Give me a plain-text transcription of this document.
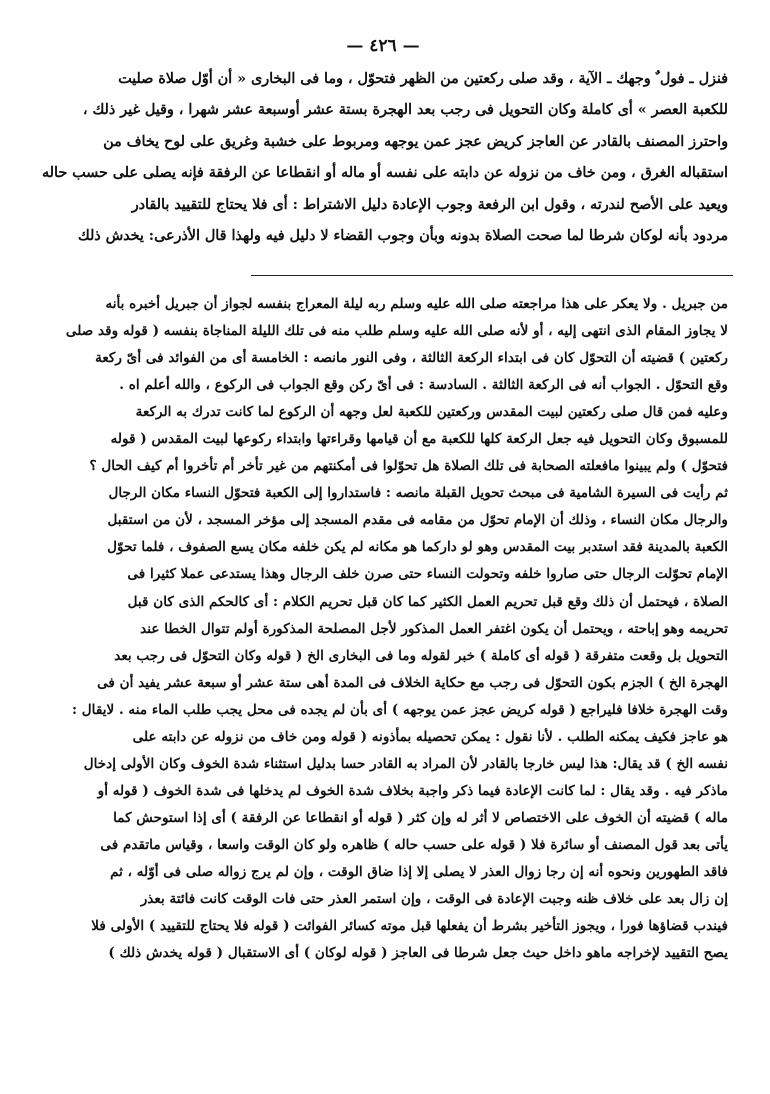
— ٤٢٦ —

فنزل ـ فول ٌ وجهك ـ الآية ، وقد صلى ركعتين من الظهر فتحوّل ، وما فى البخارى « أن أوّل صلاة صليت

للكعبة العصر » أى كاملة وكان التحويل فى رجب بعد الهجرة بستة عشر أوسبعة عشر شهرا ، وقيل غير ذلك ،

واحترز المصنف بالقادر عن العاجز كريض عجز عمن يوجهه ومربوط على خشبة وغريق على لوح يخاف من

استقباله الغرق ، ومن خاف من نزوله عن دابته على نفسه أو ماله أو انقطاعا عن الرفقة فإنه يصلى على حسب حاله

ويعيد على الأصح لندرته ، وقول ابن الرفعة وجوب الإعادة دليل الاشتراط : أى فلا يحتاج للتقييد بالقادر

مردود بأنه لوكان شرطا لما صحت الصلاة بدونه وبأن وجوب القضاء لا دليل فيه ولهذا قال الأذرعى: يخدش ذلك

من جبريل . ولا يعكر على هذا مراجعته صلى الله عليه وسلم ربه ليلة المعراج بنفسه لجواز أن جبريل أخبره بأنه

لا يجاوز المقام الذى انتهى إليه ، أو لأنه صلى الله عليه وسلم طلب منه فى تلك الليلة المناجاة بنفسه ( قوله وقد صلى

ركعتين ) قضيته أن التحوّل كان فى ابتداء الركعة الثالثة ، وفى النور مانصه : الخامسة أى من الفوائد فى أىّ ركعة

وقع التحوّل . الجواب أنه فى الركعة الثالثة . السادسة : فى أىّ ركن وقع الجواب فى الركوع ، والله أعلم اه .

وعليه فمن قال صلى ركعتين لبيت المقدس وركعتين للكعبة لعل وجهه أن الركوع لما كانت تدرك به الركعة

للمسبوق وكان التحويل فيه جعل الركعة كلها للكعبة مع أن قيامها وقراءتها وابتداء ركوعها لبيت المقدس ( قوله

فتحوّل ) ولم يبينوا مافعلته الصحابة فى تلك الصلاة هل تحوّلوا فى أمكنتهم من غير تأخر أم تأخروا أم كيف الحال ؟

ثم رأيت فى السيرة الشامية فى مبحث تحويل القبلة مانصه : فاستداروا إلى الكعبة فتحوّل النساء مكان الرجال

والرجال مكان النساء ، وذلك أن الإمام تحوّل من مقامه فى مقدم المسجد إلى مؤخر المسجد ، لأن من استقبل

الكعبة بالمدينة فقد استدبر بيت المقدس وهو لو داركما هو مكانه لم يكن خلفه مكان يسع الصفوف ، فلما تحوّل

الإمام تحوّلت الرجال حتى صاروا خلفه وتحولت النساء حتى صرن خلف الرجال وهذا يستدعى عملا كثيرا فى

الصلاة ، فيحتمل أن ذلك وقع قبل تحريم العمل الكثير كما كان قبل تحريم الكلام : أى كالحكم الذى كان قبل

تحريمه وهو إباحته ، ويحتمل أن يكون اغتفر العمل المذكور لأجل المصلحة المذكورة أولم تتوال الخطا عند

التحويل بل وقعت متفرقة ( قوله أى كاملة ) خبر لقوله وما فى البخارى الخ ( قوله وكان التحوّل فى رجب بعد

الهجرة الخ ) الجزم بكون التحوّل فى رجب مع حكاية الخلاف فى المدة أهى ستة عشر أو سبعة عشر يفيد أن فى

وقت الهجرة خلافا فليراجع ( قوله كريض عجز عمن يوجهه ) أى بأن لم يجده فى محل يجب طلب الماء منه . لايقال :

هو عاجز فكيف يمكنه الطلب . لأنا نقول : يمكن تحصيله بمأذونه ( قوله ومن خاف من نزوله عن دابته على

نفسه الخ ) قد يقال: هذا ليس خارجا بالقادر لأن المراد به القادر حسا بدليل استثناء شدة الخوف وكان الأولى إدخال

ماذكر فيه . وقد يقال : لما كانت الإعادة فيما ذكر واجبة بخلاف شدة الخوف لم يدخلها فى شدة الخوف ( قوله أو

ماله ) قضيته أن الخوف على الاختصاص لا أثر له وإن كثر ( قوله أو انقطاعا عن الرفقة ) أى إذا استوحش كما

يأتى بعد قول المصنف أو سائرة فلا ( قوله على حسب حاله ) ظاهره ولو كان الوقت واسعا ، وقياس ماتقدم فى

فاقد الطهورين ونحوه أنه إن رجا زوال العذر لا يصلى إلا إذا ضاق الوقت ، وإن لم يرج زواله صلى فى أوّله ، ثم

إن زال بعد على خلاف ظنه وجبت الإعادة فى الوقت ، وإن استمر العذر حتى فات الوقت كانت فائتة بعذر

فيندب قضاؤها فورا ، ويجوز التأخير بشرط أن يفعلها قبل موته كسائر الفوائت ( قوله فلا يحتاج للتقييد ) الأولى فلا

يصح التقييد لإخراجه ماهو داخل حيث جعل شرطا فى العاجز ( قوله لوكان ) أى الاستقبال ( قوله يخدش ذلك )
